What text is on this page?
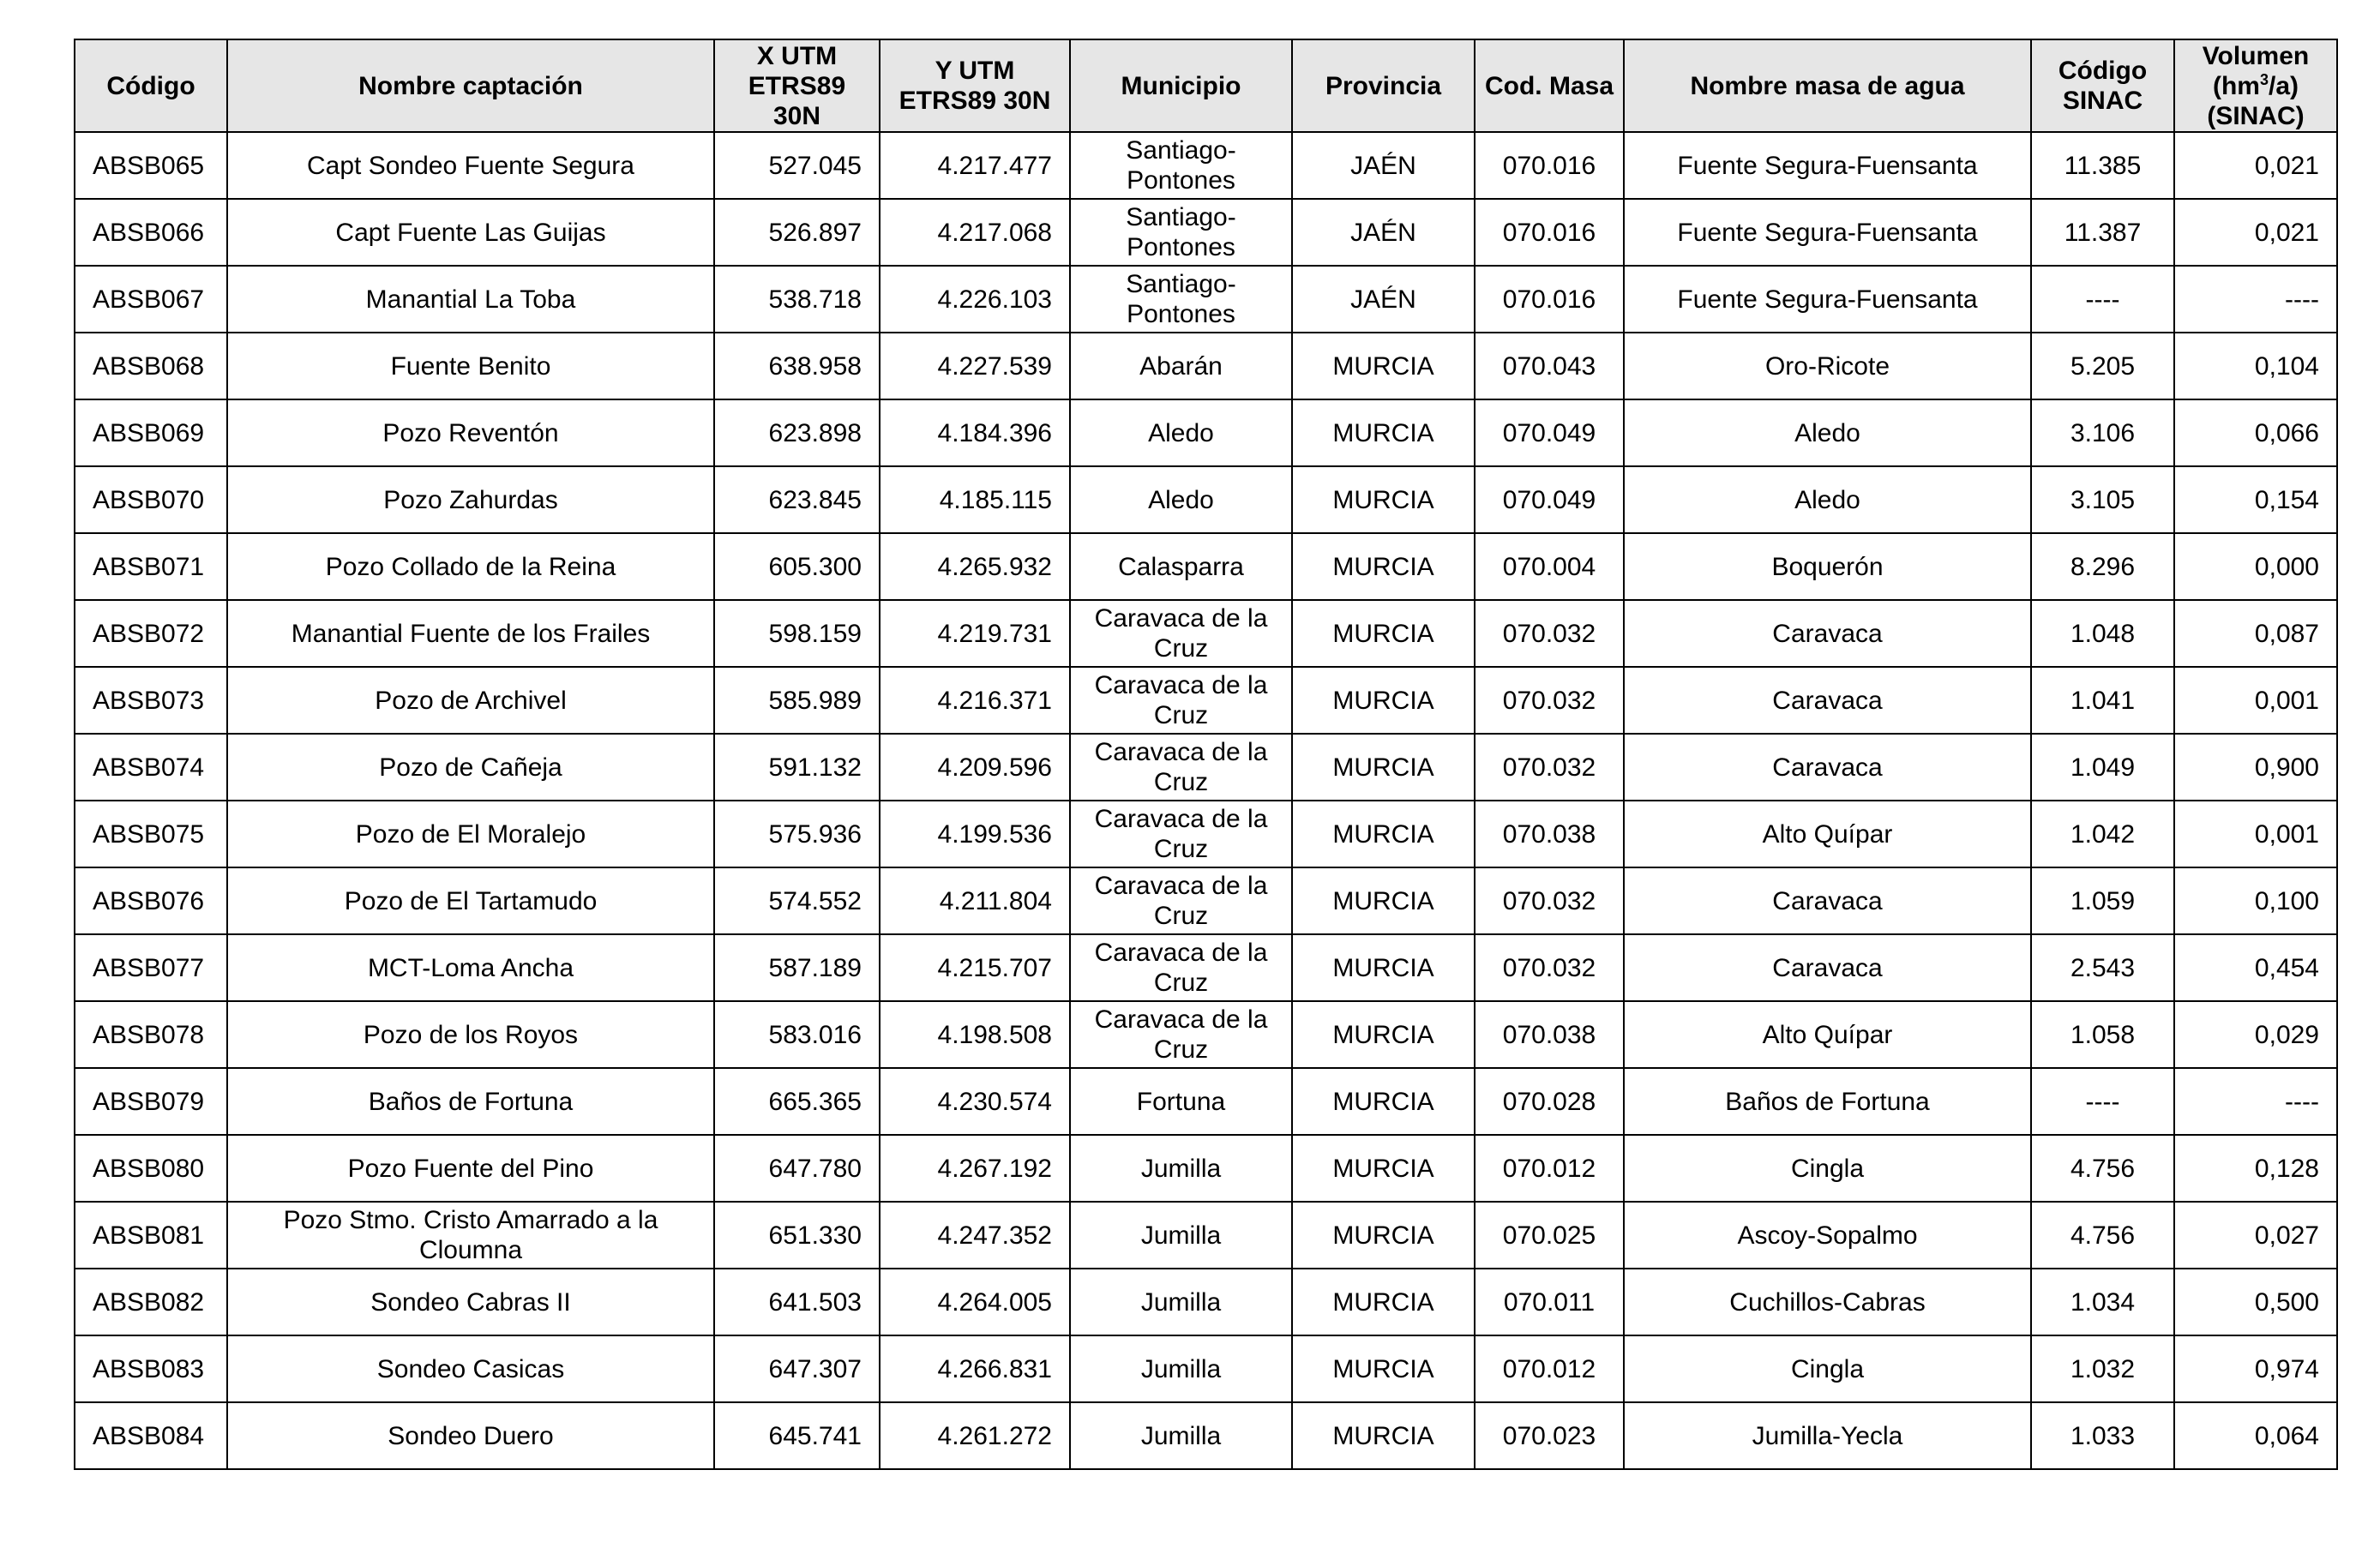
Código	Nombre captación	X UTM ETRS89 30N	Y UTM ETRS89 30N	Municipio	Provincia	Cod. Masa	Nombre masa de agua	Código SINAC	Volumen $(hm^3/a)$ (SINAC)
ABSB065	Capt Sondeo Fuente Segura	527.045	4.217.477	Santiago-Pontones	JAÉN	070.016	Fuente Segura-Fuensanta	11.385	0,021
ABSB066	Capt Fuente Las Guijas	526.897	4.217.068	Santiago-Pontones	JAÉN	070.016	Fuente Segura-Fuensanta	11.387	0,021
ABSB067	Manantial La Toba	538.718	4.226.103	Santiago-Pontones	JAÉN	070.016	Fuente Segura-Fuensanta	----	----
ABSB068	Fuente Benito	638.958	4.227.539	Abarán	MURCIA	070.043	Oro-Ricote	5.205	0,104
ABSB069	Pozo Reventón	623.898	4.184.396	Aledo	MURCIA	070.049	Aledo	3.106	0,066
ABSB070	Pozo Zahurdas	623.845	4.185.115	Aledo	MURCIA	070.049	Aledo	3.105	0,154
ABSB071	Pozo Collado de la Reina	605.300	4.265.932	Calasparra	MURCIA	070.004	Boquerón	8.296	0,000
ABSB072	Manantial Fuente de los Frailes	598.159	4.219.731	Caravaca de la Cruz	MURCIA	070.032	Caravaca	1.048	0,087
ABSB073	Pozo de Archivel	585.989	4.216.371	Caravaca de la Cruz	MURCIA	070.032	Caravaca	1.041	0,001
ABSB074	Pozo de Cañeja	591.132	4.209.596	Caravaca de la Cruz	MURCIA	070.032	Caravaca	1.049	0,900
ABSB075	Pozo de El Moralejo	575.936	4.199.536	Caravaca de la Cruz	MURCIA	070.038	Alto Quípar	1.042	0,001
ABSB076	Pozo de El Tartamudo	574.552	4.211.804	Caravaca de la Cruz	MURCIA	070.032	Caravaca	1.059	0,100
ABSB077	MCT-Loma Ancha	587.189	4.215.707	Caravaca de la Cruz	MURCIA	070.032	Caravaca	2.543	0,454
ABSB078	Pozo de los Royos	583.016	4.198.508	Caravaca de la Cruz	MURCIA	070.038	Alto Quípar	1.058	0,029
ABSB079	Baños de Fortuna	665.365	4.230.574	Fortuna	MURCIA	070.028	Baños de Fortuna	----	----
ABSB080	Pozo Fuente del Pino	647.780	4.267.192	Jumilla	MURCIA	070.012	Cingla	4.756	0,128
ABSB081	Pozo Stmo. Cristo Amarrado a la Cloumna	651.330	4.247.352	Jumilla	MURCIA	070.025	Ascoy-Sopalmo	4.756	0,027
ABSB082	Sondeo Cabras II	641.503	4.264.005	Jumilla	MURCIA	070.011	Cuchillos-Cabras	1.034	0,500
ABSB083	Sondeo Casicas	647.307	4.266.831	Jumilla	MURCIA	070.012	Cingla	1.032	0,974
ABSB084	Sondeo Duero	645.741	4.261.272	Jumilla	MURCIA	070.023	Jumilla-Yecla	1.033	0,064
